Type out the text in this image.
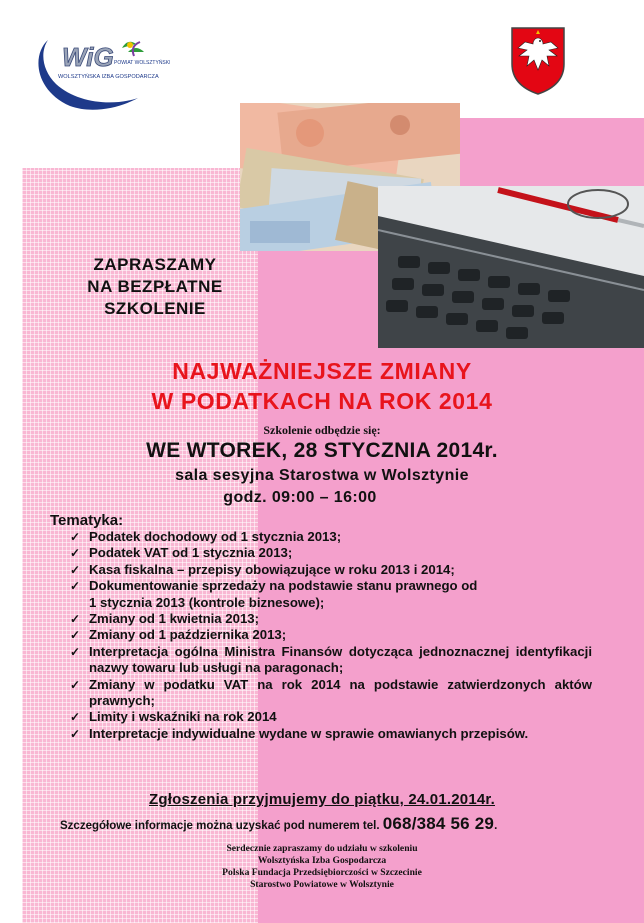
WiG POWIAT WOLSZTYŃSKI
WOLSZTYŃSKA IZBA GOSPODARCZA
ZAPRASZAMY
NA BEZPŁATNE
SZKOLENIE
NAJWAŻNIEJSZE ZMIANY
W PODATKACH NA ROK 2014
Szkolenie odbędzie się:
WE WTOREK, 28 STYCZNIA 2014r.
sala sesyjna Starostwa w Wolsztynie
godz. 09:00 – 16:00
Tematyka:
✓ Podatek dochodowy od 1 stycznia 2013;
✓ Podatek VAT od 1 stycznia 2013;
✓ Kasa fiskalna – przepisy obowiązujące w roku 2013 i 2014;
✓ Dokumentowanie sprzedaży na podstawie stanu prawnego od 1 stycznia 2013 (kontrole biznesowe);
✓ Zmiany od 1 kwietnia 2013;
✓ Zmiany od 1 października 2013;
✓ Interpretacja ogólna Ministra Finansów dotycząca jednoznacznej identyfikacji nazwy towaru lub usługi na paragonach;
✓ Zmiany w podatku VAT na rok 2014 na podstawie zatwierdzonych aktów prawnych;
✓ Limity i wskaźniki na rok 2014
✓ Interpretacje indywidualne wydane w sprawie omawianych przepisów.
Zgłoszenia przyjmujemy do piątku, 24.01.2014r.
Szczegółowe informacje można uzyskać pod numerem tel. 068/384 56 29.
Serdecznie zapraszamy do udziału w szkoleniu
Wolsztyńska Izba Gospodarcza
Polska Fundacja Przedsiębiorczości w Szczecinie
Starostwo Powiatowe w Wolsztynie
